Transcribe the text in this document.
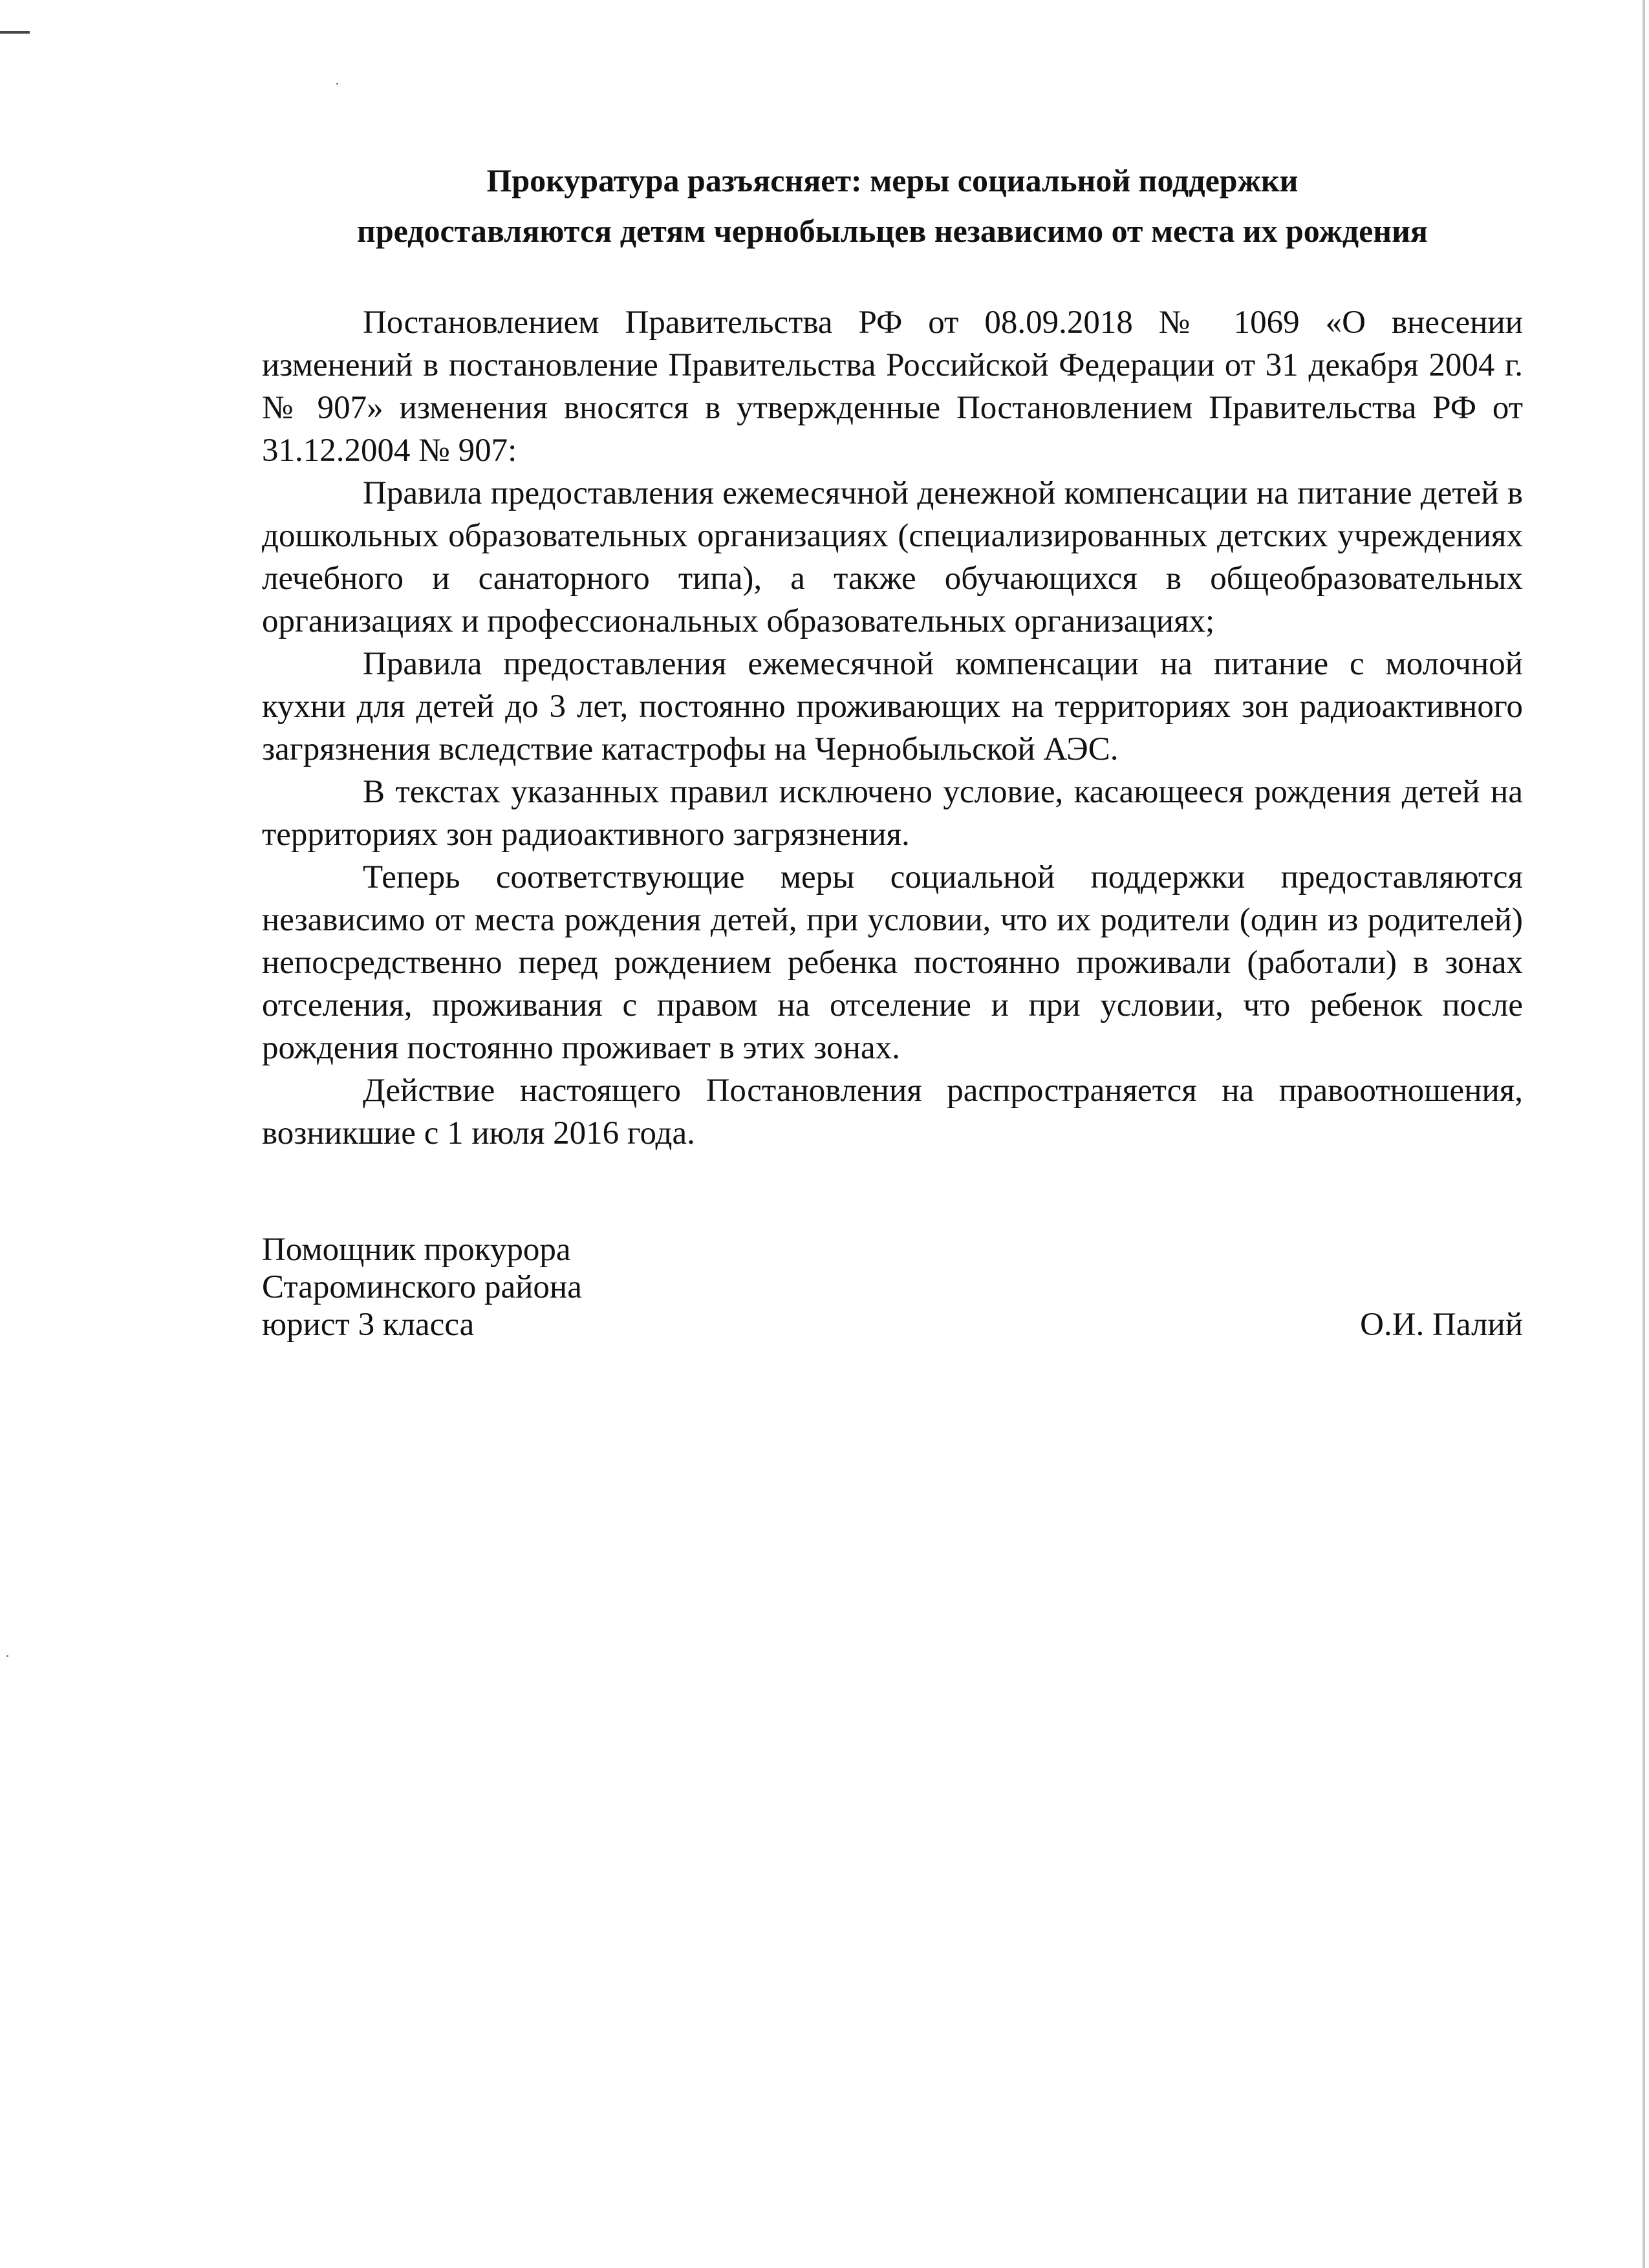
Прокуратура разъясняет: меры социальной поддержки
предоставляются детям чернобыльцев независимо от места их рождения

Постановлением Правительства РФ от 08.09.2018 № 1069 «О внесении изменений в постановление Правительства Российской Федерации от 31 декабря 2004 г. № 907» изменения вносятся в утвержденные Постановлением Правительства РФ от 31.12.2004 № 907:

Правила предоставления ежемесячной денежной компенсации на питание детей в дошкольных образовательных организациях (специализированных детских учреждениях лечебного и санаторного типа), а также обучающихся в общеобразовательных организациях и профессиональных образовательных организациях;

Правила предоставления ежемесячной компенсации на питание с молочной кухни для детей до 3 лет, постоянно проживающих на территориях зон радиоактивного загрязнения вследствие катастрофы на Чернобыльской АЭС.

В текстах указанных правил исключено условие, касающееся рождения детей на территориях зон радиоактивного загрязнения.

Теперь соответствующие меры социальной поддержки предоставляются независимо от места рождения детей, при условии, что их родители (один из родителей) непосредственно перед рождением ребенка постоянно проживали (работали) в зонах отселения, проживания с правом на отселение и при условии, что ребенок после рождения постоянно проживает в этих зонах.

Действие настоящего Постановления распространяется на правоотношения, возникшие с 1 июля 2016 года.

Помощник прокурора
Староминского района
юрист 3 класса	О.И. Палий
